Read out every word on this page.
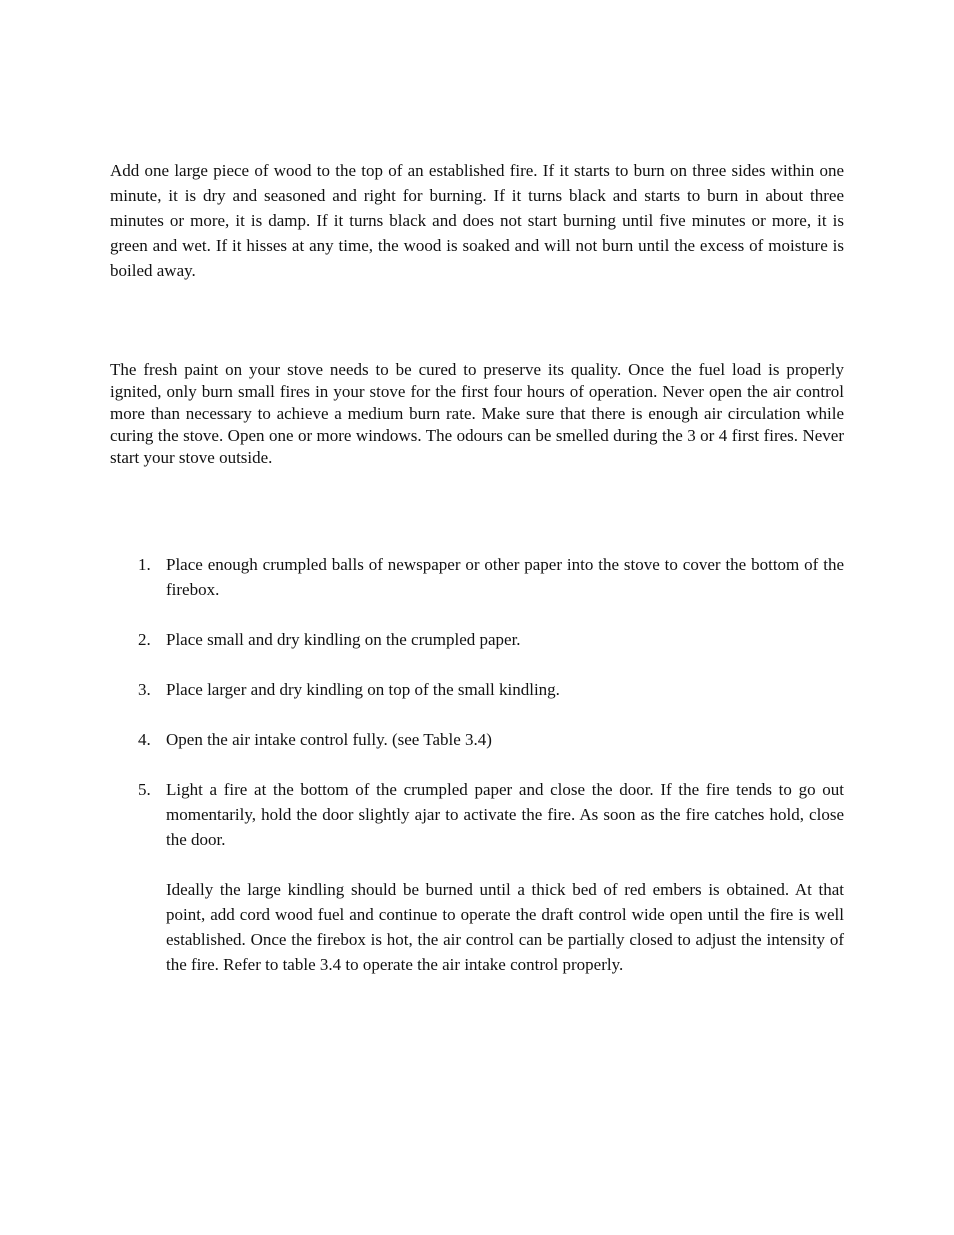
Add one large piece of wood to the top of an established fire. If it starts to burn on three sides within one minute, it is dry and seasoned and right for burning. If it turns black and starts to burn in about three minutes or more, it is damp. If it turns black and does not start burning until five minutes or more, it is green and wet. If it hisses at any time, the wood is soaked and will not burn until the excess of moisture is boiled away.

The fresh paint on your stove needs to be cured to preserve its quality. Once the fuel load is properly ignited, only burn small fires in your stove for the first four hours of operation. Never open the air control more than necessary to achieve a medium burn rate. Make sure that there is enough air circulation while curing the stove. Open one or more windows. The odours can be smelled during the 3 or 4 first fires. Never start your stove outside.

1. Place enough crumpled balls of newspaper or other paper into the stove to cover the bottom of the firebox.
2. Place small and dry kindling on the crumpled paper.
3. Place larger and dry kindling on top of the small kindling.
4. Open the air intake control fully. (see Table 3.4)
5. Light a fire at the bottom of the crumpled paper and close the door. If the fire tends to go out momentarily, hold the door slightly ajar to activate the fire. As soon as the fire catches hold, close the door.
Ideally the large kindling should be burned until a thick bed of red embers is obtained. At that point, add cord wood fuel and continue to operate the draft control wide open until the fire is well established. Once the firebox is hot, the air control can be partially closed to adjust the intensity of the fire. Refer to table 3.4 to operate the air intake control properly.
